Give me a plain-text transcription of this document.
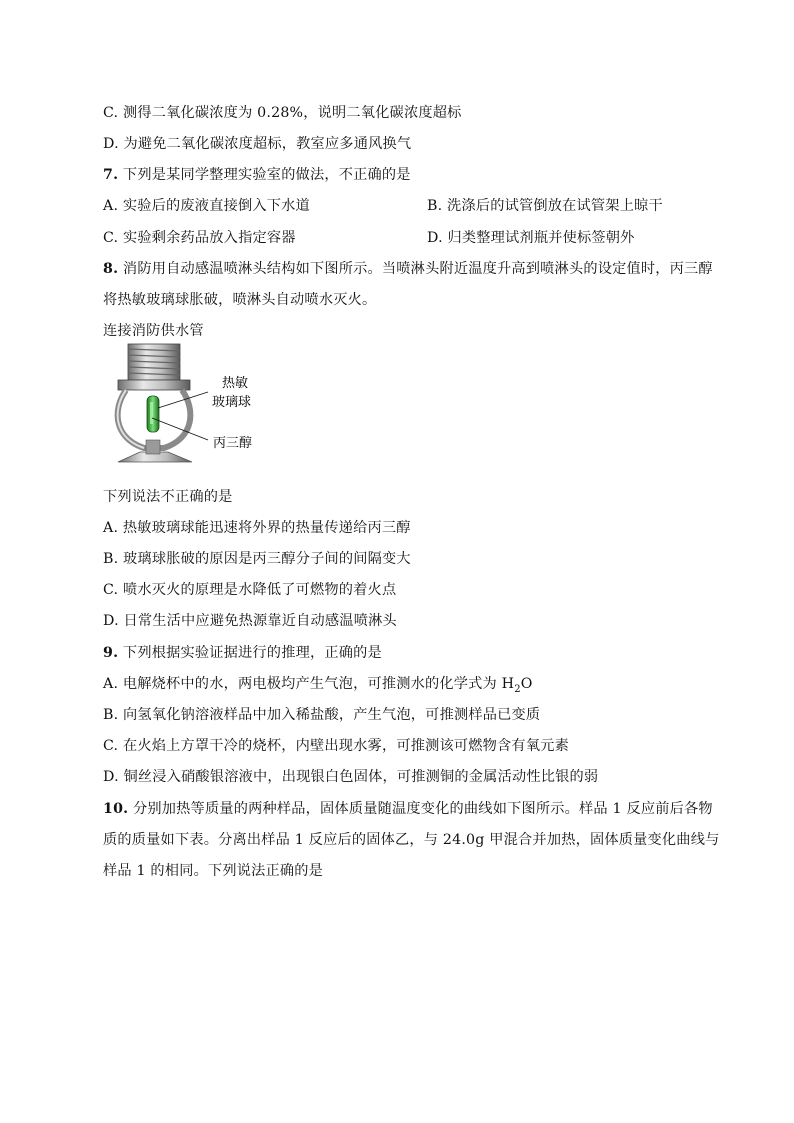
C. 测得二氧化碳浓度为 0.28%，说明二氧化碳浓度超标
D. 为避免二氧化碳浓度超标，教室应多通风换气
7. 下列是某同学整理实验室的做法，不正确的是
A. 实验后的废液直接倒入下水道	B. 洗涤后的试管倒放在试管架上晾干
C. 实验剩余药品放入指定容器	D. 归类整理试剂瓶并使标签朝外
8. 消防用自动感温喷淋头结构如下图所示。当喷淋头附近温度升高到喷淋头的设定值时，丙三醇
将热敏玻璃球胀破，喷淋头自动喷水灭火。
连接消防供水管
热敏
玻璃球
丙三醇
下列说法不正确的是
A. 热敏玻璃球能迅速将外界的热量传递给丙三醇
B. 玻璃球胀破的原因是丙三醇分子间的间隔变大
C. 喷水灭火的原理是水降低了可燃物的着火点
D. 日常生活中应避免热源靠近自动感温喷淋头
9. 下列根据实验证据进行的推理，正确的是
A. 电解烧杯中的水，两电极均产生气泡，可推测水的化学式为 $H_2O$
B. 向氢氧化钠溶液样品中加入稀盐酸，产生气泡，可推测样品已变质
C. 在火焰上方罩干冷的烧杯，内壁出现水雾，可推测该可燃物含有氧元素
D. 铜丝浸入硝酸银溶液中，出现银白色固体，可推测铜的金属活动性比银的弱
10. 分别加热等质量的两种样品，固体质量随温度变化的曲线如下图所示。样品 1 反应前后各物
质的质量如下表。分离出样品 1 反应后的固体乙，与 24.0g 甲混合并加热，固体质量变化曲线与
样品 1 的相同。下列说法正确的是
